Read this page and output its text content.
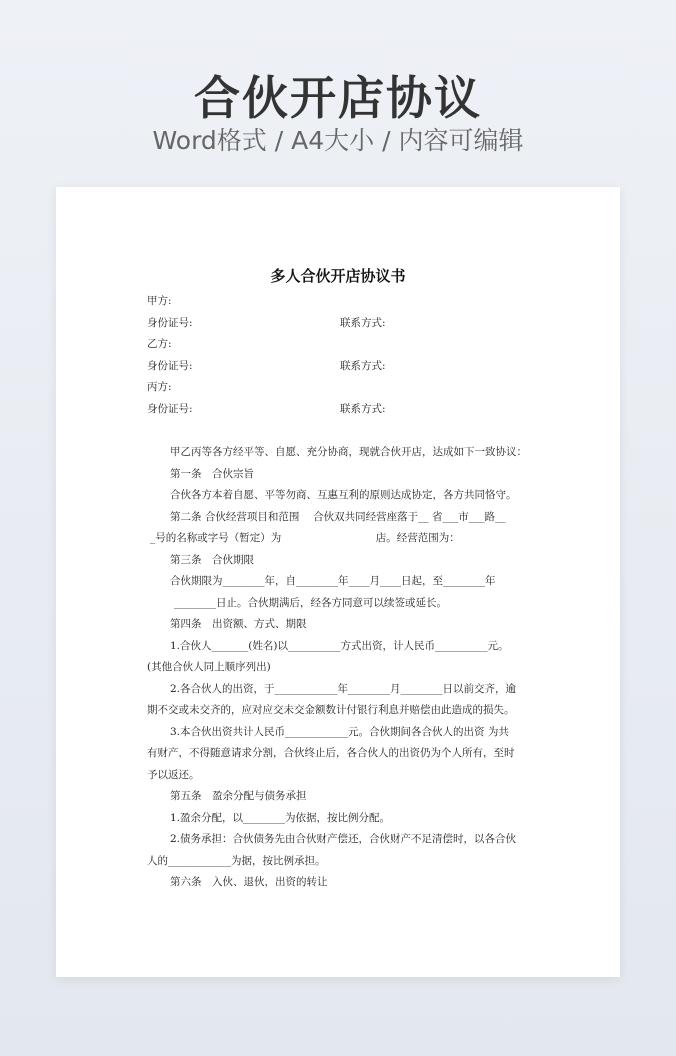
合伙开店协议
Word格式 / A4大小 / 内容可编辑
多人合伙开店协议书
甲方:
身份证号:	联系方式:
乙方:
身份证号:	联系方式:
丙方:
身份证号:	联系方式:
甲乙丙等各方经平等、自愿、充分协商，现就合伙开店，达成如下一致协议：
第一条　合伙宗旨
合伙各方本着自愿、平等勿商、互惠互利的原则达成协定，各方共同恪守。
第二条 合伙经营项目和范围　 合伙双共同经营座落于__ 省___市___路__
_号的名称或字号（暂定）为　　　　　　　　　店。经营范围为：
第三条　合伙期限
合伙期限为________年，自________年____月____日起，至________年
________日止。合伙期满后，经各方同意可以续签或延长。
第四条　出资额、方式、期限
1.合伙人_______(姓名)以__________方式出资，计人民币__________元。
(其他合伙人同上顺序列出)
2.各合伙人的出资，于____________年________月________日以前交齐，逾
期不交或未交齐的，应对应交未交金额数计付银行利息并赔偿由此造成的损失。
3.本合伙出资共计人民币____________元。合伙期间各合伙人的出资 为共
有财产，不得随意请求分割，合伙终止后，各合伙人的出资仍为个人所有，至时
予以返还。
第五条　盈余分配与债务承担
1.盈余分配，以________为依据，按比例分配。
2.债务承担：合伙债务先由合伙财产偿还，合伙财产不足清偿时，以各合伙
人的____________为据，按比例承担。
第六条　入伙、退伙，出资的转让
